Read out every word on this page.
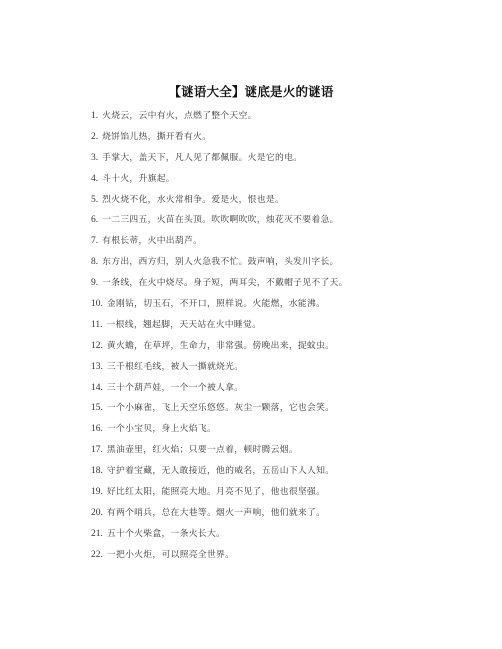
【谜语大全】谜底是火的谜语
1. 火烧云，云中有火，点燃了整个天空。
2. 烧饼馅儿热，撕开看有火。
3. 手掌大，盖天下，凡人见了都佩服。火是它的电。
4. 斗十火，升旗起。
5. 烈火烧不化，水火常相争。爱是火，恨也是。
6. 一二三四五，火苗在头顶。吹吹啊吹吹，烛花灭不要着急。
7. 有根长蒂，火中出葫芦。
8. 东方出，西方归，别人火急我不忙。鼓声响，头发川字长。
9. 一条线，在火中烧尽。身子短，两耳尖，不戴帽子见不了天。
10. 金刚钻，切玉石，不开口，照样说。火能燃，水能沸。
11. 一根线，翘起脚，天天站在火中睡觉。
12. 黄火蟾，在草坪，生命力，非常强。傍晚出来，捉蚊虫。
13. 三千根红毛线，被人一撕就烧光。
14. 三十个葫芦娃，一个一个被人拿。
15. 一个小麻雀，飞上天空乐悠悠。灰尘一颗落，它也会笑。
16. 一个小宝贝，身上火焰飞。
17. 黑油壶里，红火焰；只要一点着，顿时腾云烟。
18. 守护着宝藏，无人敢接近，他的威名，五岳山下人人知。
19. 好比红太阳，能照亮大地。月亮不见了，他也很坚强。
20. 有两个哨兵，总在大巷等。烟火一声响，他们就来了。
21. 五十个火柴盒，一条火长大。
22. 一把小火炬，可以照亮全世界。
